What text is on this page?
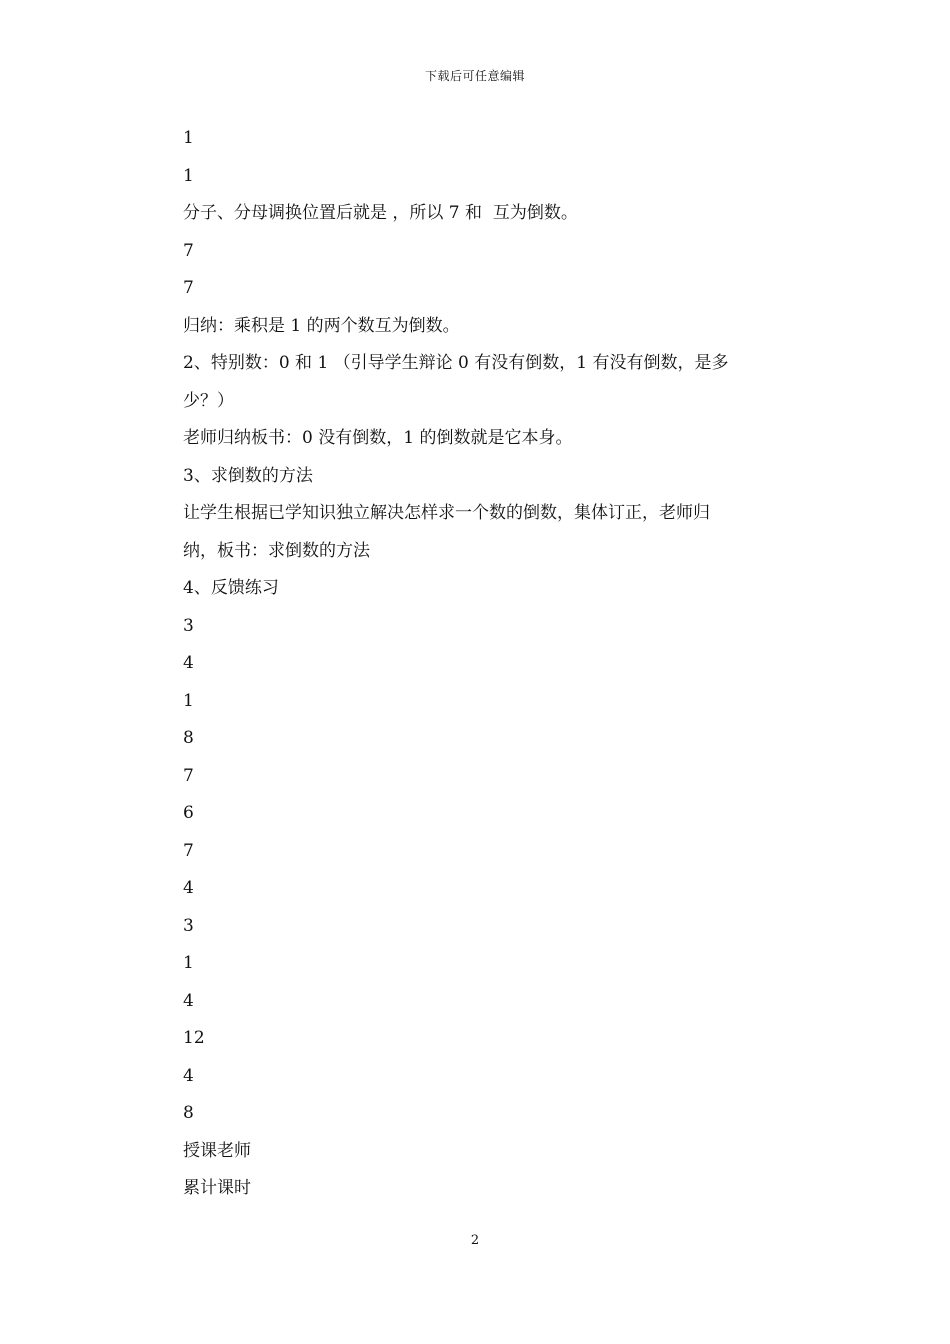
下载后可任意编辑
1
1
分子、分母调换位置后就是 ，所以 7 和  互为倒数。
7
7
归纳：乘积是 1 的两个数互为倒数。
2、特别数：0 和 1 （引导学生辩论 0 有没有倒数，1 有没有倒数，是多
少？）
老师归纳板书：0 没有倒数，1 的倒数就是它本身。
3、求倒数的方法
让学生根据已学知识独立解决怎样求一个数的倒数，集体订正，老师归
纳，板书：求倒数的方法
4、反馈练习
3
4
1
8
7
6
7
4
3
1
4
12
4
8
授课老师
累计课时
2
